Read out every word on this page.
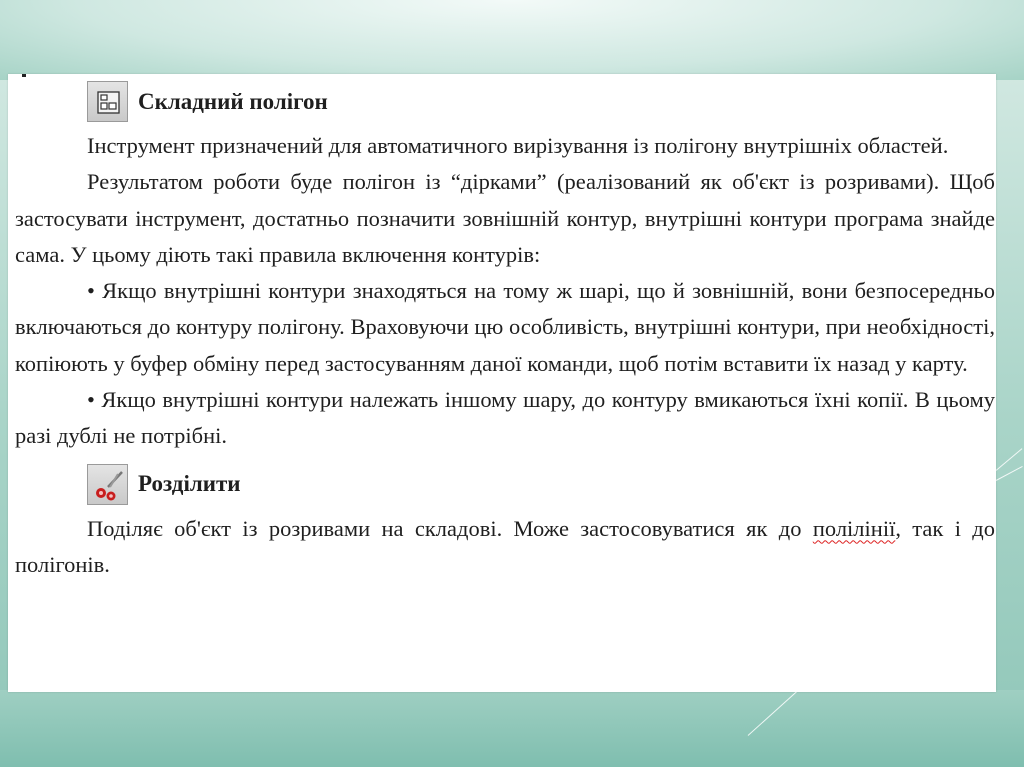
Складний полігон

Інструмент призначений для автоматичного вирізування із полігону внутрішніх областей.

Результатом роботи буде полігон із “дірками” (реалізований як об'єкт із розривами). Щоб застосувати інструмент, достатньо позначити зовнішній контур, внутрішні контури програма знайде сама. У цьому діють такі правила включення контурів:

• Якщо внутрішні контури знаходяться на тому ж шарі, що й зовнішній, вони безпосередньо включаються до контуру полігону. Враховуючи цю особливість, внутрішні контури, при необхідності, копіюють у буфер обміну перед застосуванням даної команди, щоб потім вставити їх назад у карту.

• Якщо внутрішні контури належать іншому шару, до контуру вмикаються їхні копії. В цьому разі дублі не потрібні.

Розділити

Поділяє об'єкт із розривами на складові. Може застосовуватися як до полілінії, так і до полігонів.
